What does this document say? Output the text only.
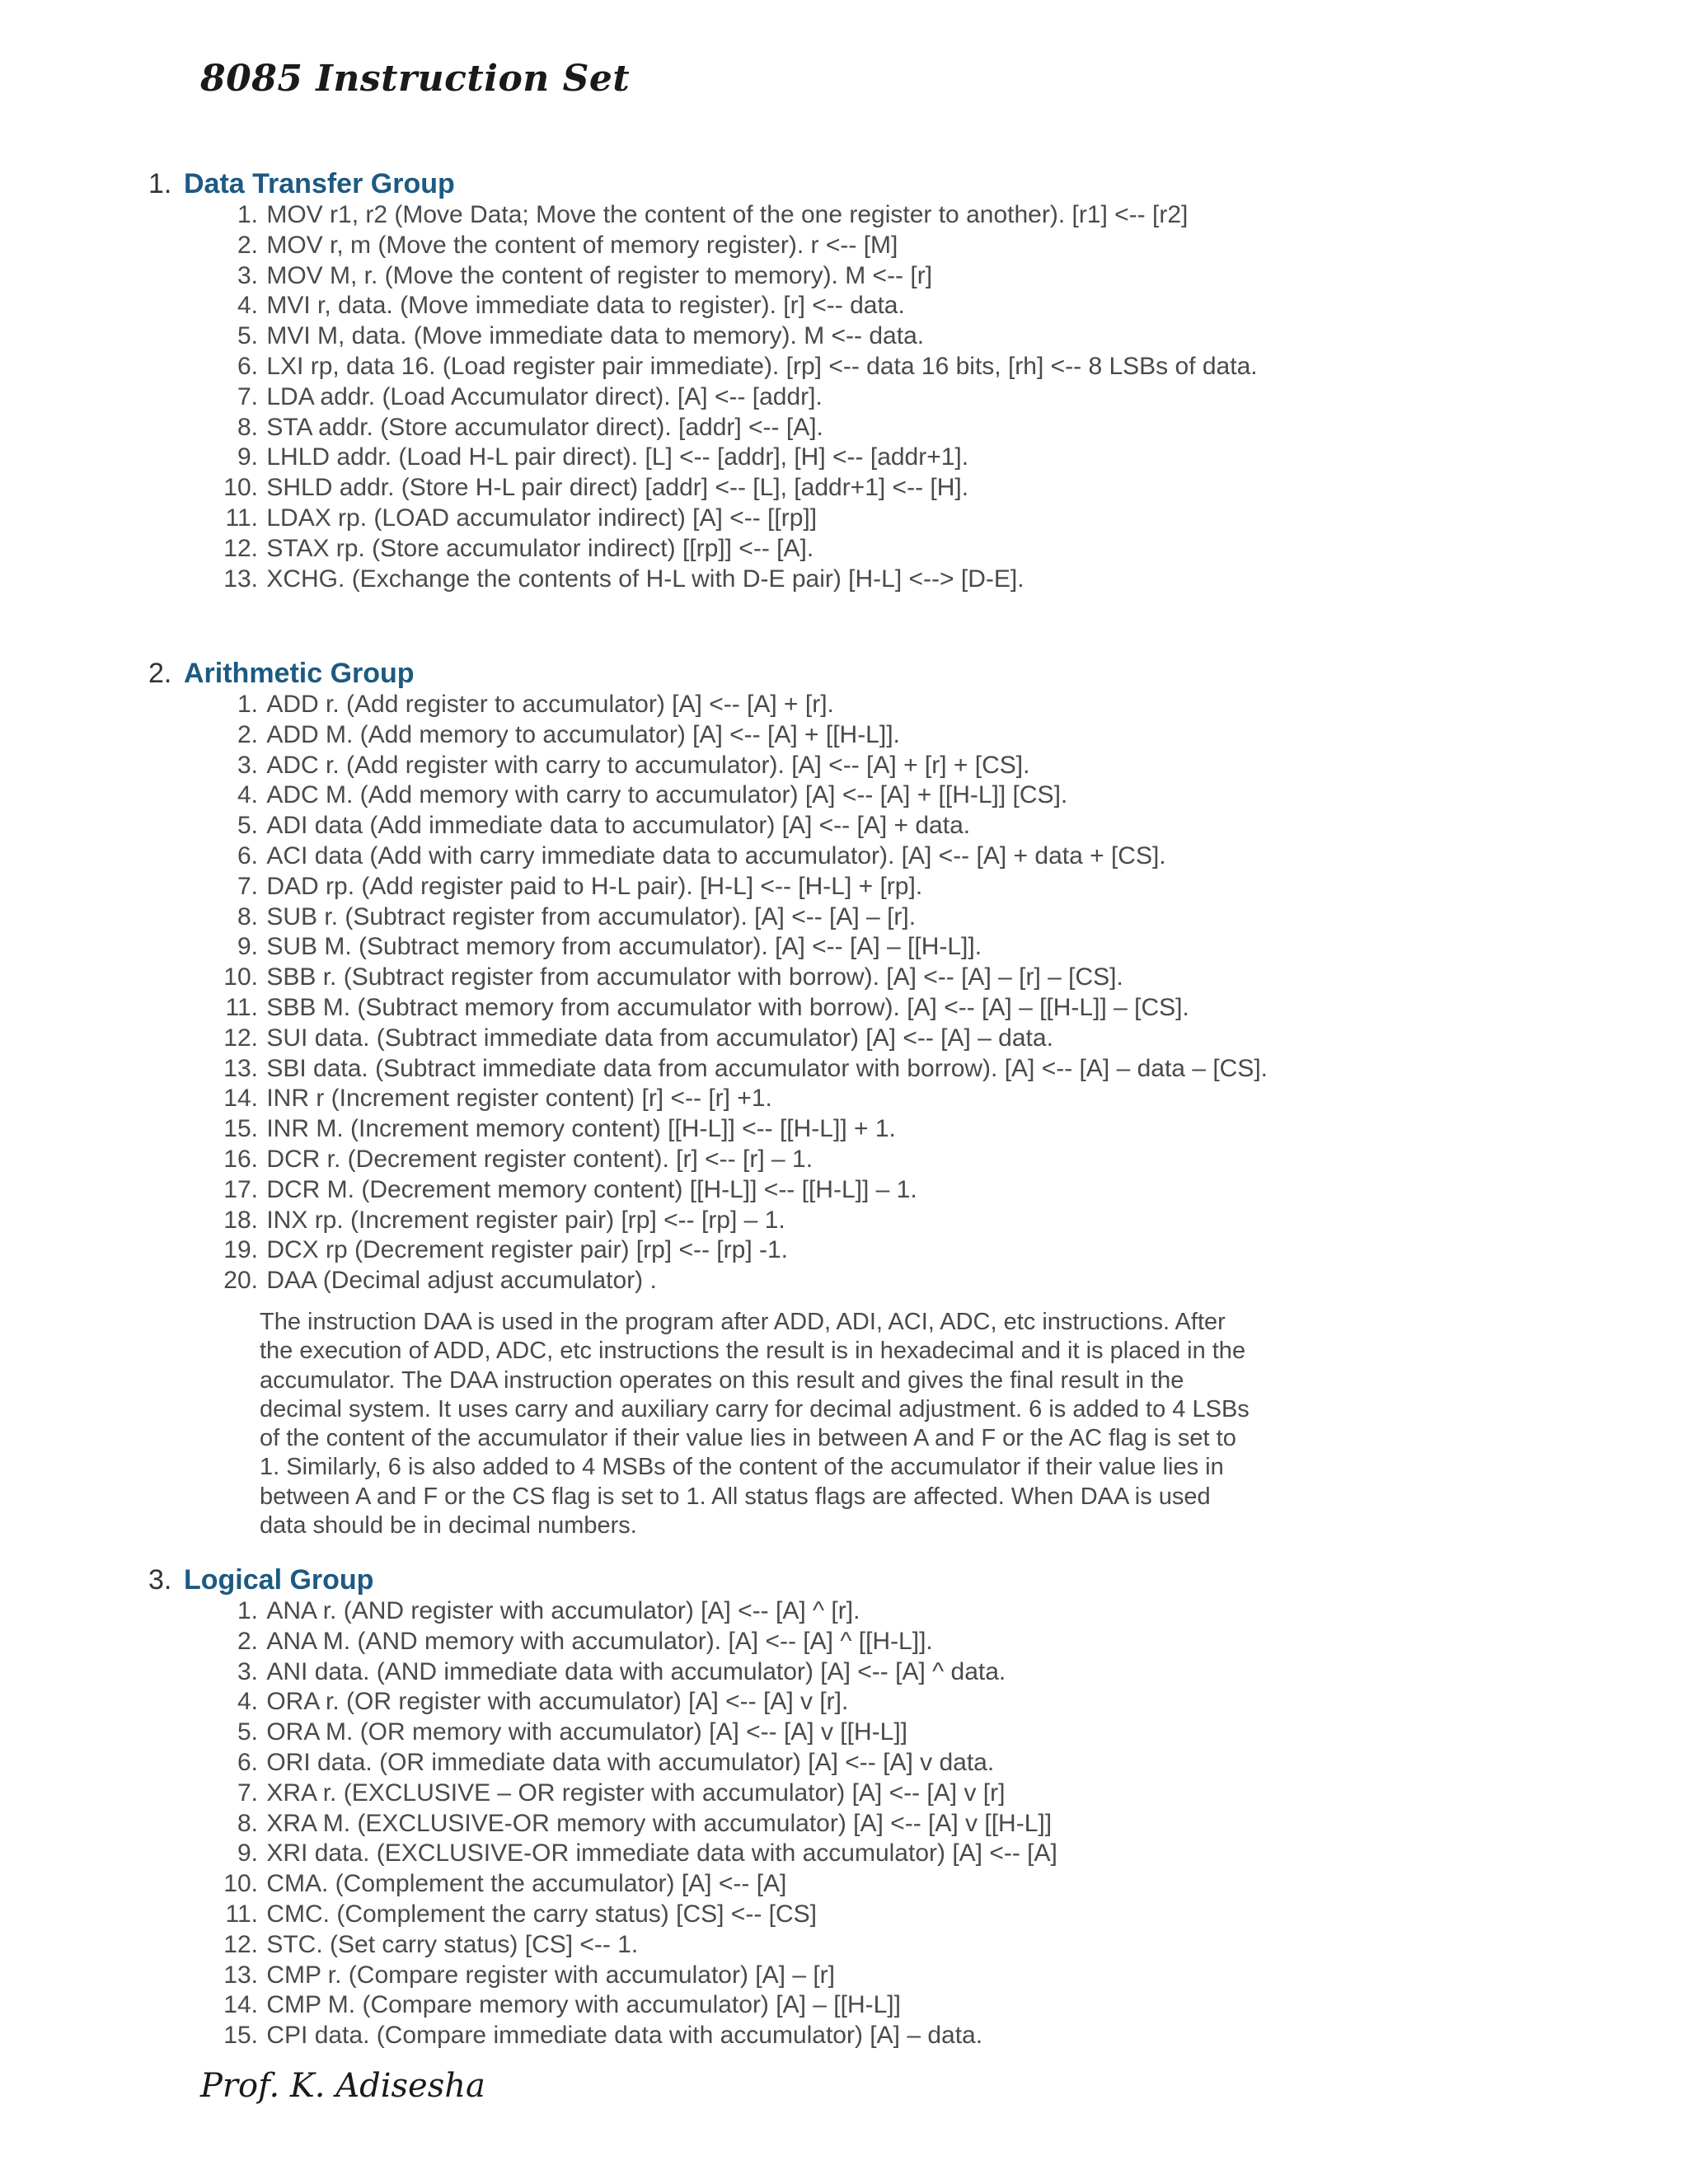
8085 Instruction Set
1. Data Transfer Group
1. MOV r1, r2 (Move Data; Move the content of the one register to another). [r1] <-- [r2]
2. MOV r, m (Move the content of memory register). r <-- [M]
3. MOV M, r. (Move the content of register to memory). M <-- [r]
4. MVI r, data. (Move immediate data to register). [r] <-- data.
5. MVI M, data. (Move immediate data to memory). M <-- data.
6. LXI rp, data 16. (Load register pair immediate). [rp] <-- data 16 bits, [rh] <-- 8 LSBs of data.
7. LDA addr. (Load Accumulator direct). [A] <-- [addr].
8. STA addr. (Store accumulator direct). [addr] <-- [A].
9. LHLD addr. (Load H-L pair direct). [L] <-- [addr], [H] <-- [addr+1].
10. SHLD addr. (Store H-L pair direct) [addr] <-- [L], [addr+1] <-- [H].
11. LDAX rp. (LOAD accumulator indirect) [A] <-- [[rp]]
12. STAX rp. (Store accumulator indirect) [[rp]] <-- [A].
13. XCHG. (Exchange the contents of H-L with D-E pair) [H-L] <--> [D-E].
2. Arithmetic Group
1. ADD r. (Add register to accumulator) [A] <-- [A] + [r].
2. ADD M. (Add memory to accumulator) [A] <-- [A] + [[H-L]].
3. ADC r. (Add register with carry to accumulator). [A] <-- [A] + [r] + [CS].
4. ADC M. (Add memory with carry to accumulator) [A] <-- [A] + [[H-L]] [CS].
5. ADI data (Add immediate data to accumulator) [A] <-- [A] + data.
6. ACI data (Add with carry immediate data to accumulator). [A] <-- [A] + data + [CS].
7. DAD rp. (Add register paid to H-L pair). [H-L] <-- [H-L] + [rp].
8. SUB r. (Subtract register from accumulator). [A] <-- [A] – [r].
9. SUB M. (Subtract memory from accumulator). [A] <-- [A] – [[H-L]].
10. SBB r. (Subtract register from accumulator with borrow). [A] <-- [A] – [r] – [CS].
11. SBB M. (Subtract memory from accumulator with borrow). [A] <-- [A] – [[H-L]] – [CS].
12. SUI data. (Subtract immediate data from accumulator) [A] <-- [A] – data.
13. SBI data. (Subtract immediate data from accumulator with borrow). [A] <-- [A] – data – [CS].
14. INR r (Increment register content) [r] <-- [r] +1.
15. INR M. (Increment memory content) [[H-L]] <-- [[H-L]] + 1.
16. DCR r. (Decrement register content). [r] <-- [r] – 1.
17. DCR M. (Decrement memory content) [[H-L]] <-- [[H-L]] – 1.
18. INX rp. (Increment register pair) [rp] <-- [rp] – 1.
19. DCX rp (Decrement register pair) [rp] <-- [rp] -1.
20. DAA (Decimal adjust accumulator) .
The instruction DAA is used in the program after ADD, ADI, ACI, ADC, etc instructions. After
the execution of ADD, ADC, etc instructions the result is in hexadecimal and it is placed in the
accumulator. The DAA instruction operates on this result and gives the final result in the
decimal system. It uses carry and auxiliary carry for decimal adjustment. 6 is added to 4 LSBs
of the content of the accumulator if their value lies in between A and F or the AC flag is set to
1. Similarly, 6 is also added to 4 MSBs of the content of the accumulator if their value lies in
between A and F or the CS flag is set to 1. All status flags are affected. When DAA is used
data should be in decimal numbers.
3. Logical Group
1. ANA r. (AND register with accumulator) [A] <-- [A] ^ [r].
2. ANA M. (AND memory with accumulator). [A] <-- [A] ^ [[H-L]].
3. ANI data. (AND immediate data with accumulator) [A] <-- [A] ^ data.
4. ORA r. (OR register with accumulator) [A] <-- [A] v [r].
5. ORA M. (OR memory with accumulator) [A] <-- [A] v [[H-L]]
6. ORI data. (OR immediate data with accumulator) [A] <-- [A] v data.
7. XRA r. (EXCLUSIVE – OR register with accumulator) [A] <-- [A] v [r]
8. XRA M. (EXCLUSIVE-OR memory with accumulator) [A] <-- [A] v [[H-L]]
9. XRI data. (EXCLUSIVE-OR immediate data with accumulator) [A] <-- [A]
10. CMA. (Complement the accumulator) [A] <-- [A]
11. CMC. (Complement the carry status) [CS] <-- [CS]
12. STC. (Set carry status) [CS] <-- 1.
13. CMP r. (Compare register with accumulator) [A] – [r]
14. CMP M. (Compare memory with accumulator) [A] – [[H-L]]
15. CPI data. (Compare immediate data with accumulator) [A] – data.
Prof. K. Adisesha
